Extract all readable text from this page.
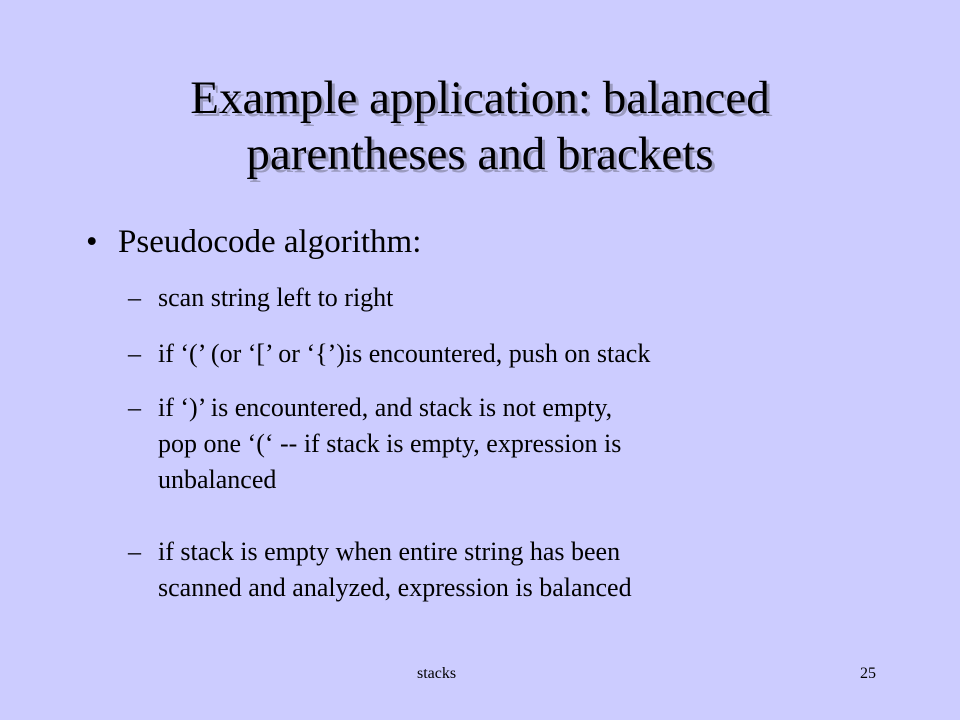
Example application: balanced
parentheses and brackets
• Pseudocode algorithm:
– scan string left to right
– if ‘(’ (or ‘[’ or ‘{’)is encountered, push on stack
– if ‘)’ is encountered, and stack is not empty,
pop one ‘(‘ -- if stack is empty, expression is
unbalanced
– if stack is empty when entire string has been
scanned and analyzed, expression is balanced
stacks	25
